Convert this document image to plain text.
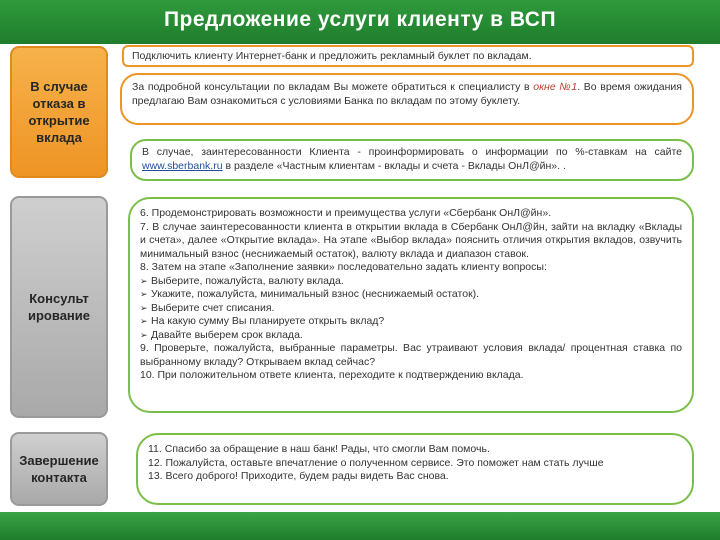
Предложение услуги клиенту в ВСП
В случае отказа в открытие вклада
Подключить клиенту Интернет-банк и предложить рекламный буклет по вкладам.
За подробной консультации по вкладам Вы можете обратиться к специалисту в окне №1. Во время ожидания предлагаю Вам ознакомиться с условиями Банка по вкладам по этому буклету.
В случае, заинтересованности Клиента - проинформировать о информации по %-ставкам на сайте www.sberbank.ru в разделе «Частным клиентам - вклады и счета - Вклады ОнЛ@йн». .
Консульт ирование

6. Продемонстрировать возможности и преимущества услуги «Сбербанк ОнЛ@йн».

7. В случае заинтересованности клиента в открытии вклада в Сбербанк ОнЛ@йн, зайти на вкладку «Вклады и счета», далее «Открытие вклада». На этапе «Выбор вклада» пояснить отличия открытия вкладов, озвучить минимальный взнос (неснижаемый остаток), валюту вклада и диапазон ставок.

8. Затем на этапе «Заполнение заявки» последовательно задать клиенту вопросы:

➢ Выберите, пожалуйста, валюту вклада.
➢ Укажите, пожалуйста, минимальный взнос (неснижаемый остаток).
➢ Выберите счет списания.
➢ На какую сумму Вы планируете открыть вклад?
➢ Давайте выберем срок вклада.

9. Проверьте, пожалуйста, выбранные параметры. Вас утраивают условия вклада/ процентная ставка по выбранному вкладу? Открываем вклад сейчас?

10. При положительном ответе клиента, переходите к подтверждению вклада.

Завершение контакта
11. Спасибо за обращение в наш банк! Рады, что смогли Вам помочь.
12. Пожалуйста, оставьте впечатление о полученном сервисе. Это поможет нам стать лучше
13. Всего доброго! Приходите, будем рады видеть Вас снова.
